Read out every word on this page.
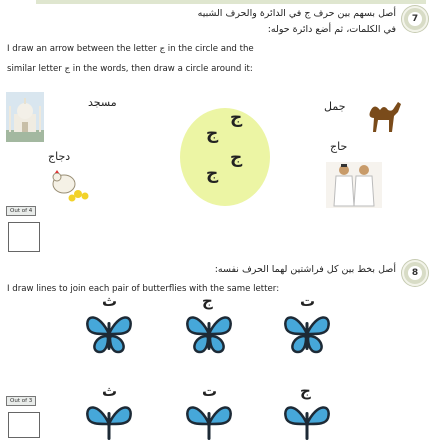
7
أصل بسهم بين حرف ج في الدائرة والحرف الشبيه
في الكلمات، ثم أضع دائرة حوله:
I draw an arrow between the letter ج in the circle and the
similar letter ج in the words, then draw a circle around it:
مسجد
ج
ج
ج
ج
جمل
حاج
دجاج
Out of 4
8
أصل بخط بين كل فراشتين لهما الحرف نفسه:
I draw lines to join each pair of butterflies with the same letter:
ث	ج	ت
Out of 3
ث	ت	ج
